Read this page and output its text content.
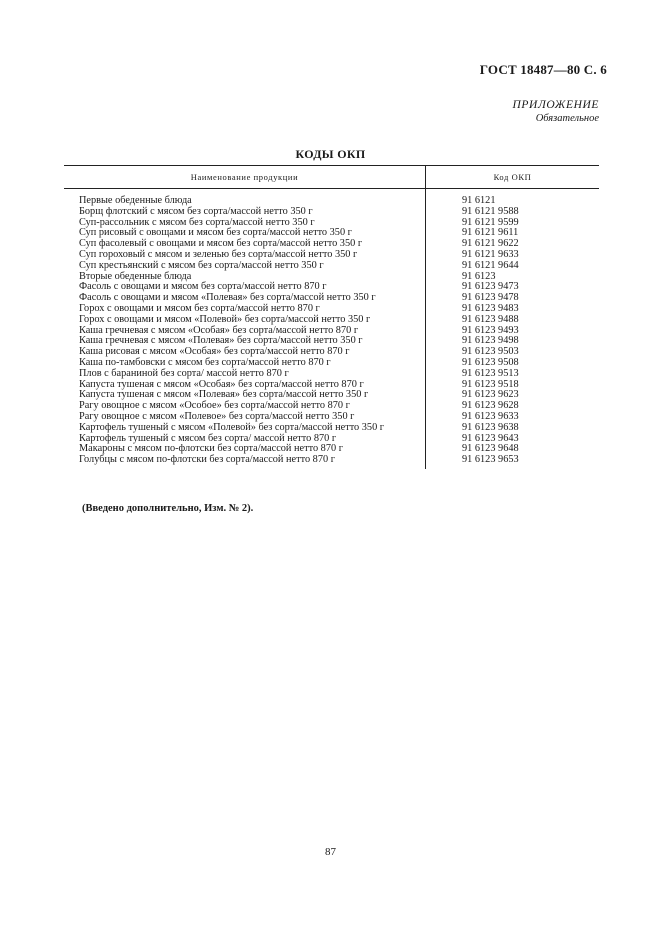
ГОСТ 18487—80 С. 6
ПРИЛОЖЕНИЕ
Обязательное
КОДЫ ОКП
Наименование продукции	Код ОКП
Первые обеденные блюда	91 6121
Борщ флотский с мясом без сорта/массой нетто 350 г	91 6121 9588
Суп-рассольник с мясом без сорта/массой нетто 350 г	91 6121 9599
Суп рисовый с овощами и мясом без сорта/массой нетто 350 г	91 6121 9611
Суп фасолевый с овощами и мясом без сорта/массой нетто 350 г	91 6121 9622
Суп гороховый с мясом и зеленью без сорта/массой нетто 350 г	91 6121 9633
Суп крестьянский с мясом без сорта/массой нетто 350 г	91 6121 9644
Вторые обеденные блюда	91 6123
Фасоль с овощами и мясом без сорта/массой нетто 870 г	91 6123 9473
Фасоль с овощами и мясом «Полевая» без сорта/массой нетто 350 г	91 6123 9478
Горох с овощами и мясом без сорта/массой нетто 870 г	91 6123 9483
Горох с овощами и мясом «Полевой» без сорта/массой нетто 350 г	91 6123 9488
Каша гречневая с мясом «Особая» без сорта/массой нетто 870 г	91 6123 9493
Каша гречневая с мясом «Полевая» без сорта/массой нетто 350 г	91 6123 9498
Каша рисовая с мясом «Особая» без сорта/массой нетто 870 г	91 6123 9503
Каша по-тамбовски с мясом без сорта/массой нетто 870 г	91 6123 9508
Плов с бараниной без сорта/ массой нетто 870 г	91 6123 9513
Капуста тушеная с мясом «Особая» без сорта/массой нетто 870 г	91 6123 9518
Капуста тушеная с мясом «Полевая» без сорта/массой нетто 350 г	91 6123 9623
Рагу овощное с мясом «Особое» без сорта/массой нетто 870 г	91 6123 9628
Рагу овощное с мясом «Полевое» без сорта/массой нетто 350 г	91 6123 9633
Картофель тушеный с мясом «Полевой» без сорта/массой нетто 350 г	91 6123 9638
Картофель тушеный с мясом без сорта/ массой нетто 870 г	91 6123 9643
Макароны с мясом по-флотски без сорта/массой нетто 870 г	91 6123 9648
Голубцы с мясом по-флотски без сорта/массой нетто 870 г	91 6123 9653
(Введено дополнительно, Изм. № 2).
87
